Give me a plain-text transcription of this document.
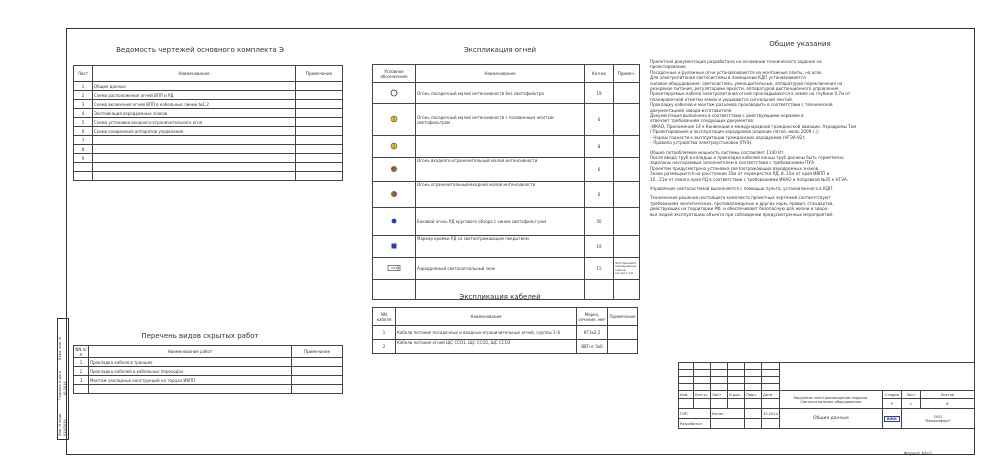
Ведомость чертежей основного комплекта Э
Лист	Наименование	Примечание
1	Общие данные	
2	Схема расположения огней ВПП и РД	
3	Схема включения огней ВПП в кабельные линии №1,2	
4	Экспликация аэродромных знаков	
5	Схема установки входного-ограничительного огня	
6	Схема соединения аппаратов управления	
7		
8		
9		

Перечень видов скрытых работ
NN п/п	Наименование работ	Примечание
1	Прокладка кабеля в траншее	
2	Прокладка кабелей в кабельных переходах	
3	Монтаж закладных конструкций на торцах ИВПП	

Инв. N подл.
Подпись и дата
Взам. инв. N
010/2014
10.2014
Экспликация огней
Условное обозначение	Наименование	Кол-во	Примеч.
	Огонь посадочный малой интенсивности без светофильтра	19	
	Огонь посадочный малой интенсивности с половинным желтым светофильтром	6	
		8	
	Огонь входного-ограничительный малой интенсивности	6	
	Огонь ограничительный-входной малой интенсивности	6	
	Боковой огонь РД кругового обзора с синим светофильт-ром	50	
	Маркер кромки РД со светоотражающим покрытием	19	
	Аэродромный светосигнальный знак	15	Экспликация аэродромных знаков см.лист 1-6

Экспликация кабелей
NN кабеля	Наименование	Марка, сечение, мм²	Примечание
1	Кабели питания посадочных и входных-ограничительных огней, группы 1–6	КГ3х2,5	
2	Кабели питания огней ЩС ССО1, ЩС ССО2, ЩС ССО3	ВВГнг 3х6	
Общие указания
Проектная документация разработана на основании технического задания на
проектирование.
Посадочные и рулежные огни устанавливаются на монтажные плиты, на осях.
Для электропитания светосистемы в помещении КДП устанавливается
силовое оборудование: светосистема, уменьшительные, аппаратурой переключения на
резервное питание, регуляторами яркости, аппаратурой дистанционного управления.
Проектируемые кабели электропитания огней прокладываются в земле на глубине 0,7м от
планировочной отметки земли и укрываются сигнальной лентой.
Прокладку кабелей и монтаж разъемов производить в соответствии с технической
документацией завода-изготовителя.
Документация выполнена в соответствии с действующими нормами и
отвечает требованиям следующих документов:
–ИКАО, Приложение 14 к Конвенции о международной гражданской авиации. Аэродромы Том
I Проектирование и эксплуатация аэродромов (издание пятое, июль 2009 г.);
– Нормы годности к эксплуатации гражданских аэродромов (НГЭА-92);
– Правила устройства электроустановок (ПУЭ).
Общее потребляемое мощность системы составляет 1140 Вт.
После ввода труб в колодцы и прокладки кабелей концы труб должны быть герметично
заделаны несгораемым заполнителем в соответствии с требованиями ПУЭ.
Проектом предусмотрена установка светоотражающих аэродромных знаков.
Знаки размещаются на расстоянии 35м от перекрестка РД, 8..15м от края ИВПП и
10...21м от левого края РД в соответствии с требованиями ИКАО и поправкой №35 к НГЭА.
Управление светосистемой выполняется с помощью пульта, установленного в КДП.
Технические решения настоящего комплекта проектных чертежей соответствуют
требованиям экологических, противопожарных и других норм, правил, стандартов,
действующих на территории РФ, и обеспечивают безопасную для жизни и здоро-
вья людей эксплуатацию объекта при соблюдении предусмотренных мероприятий.

Изм.	Кол.уч	Лист	N док.	Подп.	Дата	Наружное электроосвещение перрона. Светосигнальное оборудование	Стадия	Лист	Листов
							Р	1	6
ГИП		Котин			10.2014	Общие данные	ВЖК	ООО
"Веккомфорт"	

Разработал									
Формат А4х3
